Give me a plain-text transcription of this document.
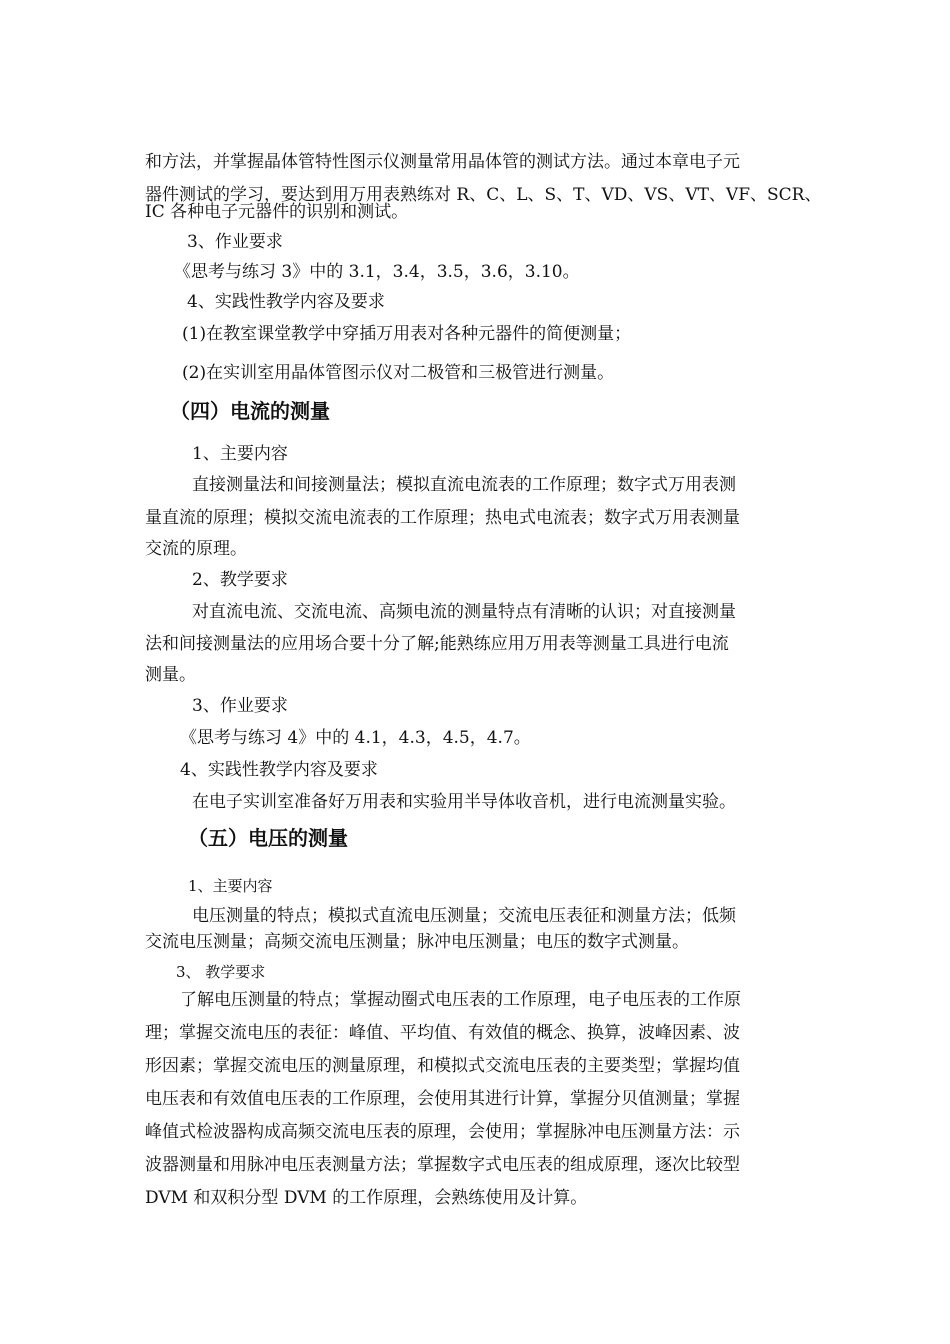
和方法，并掌握晶体管特性图示仪测量常用晶体管的测试方法。通过本章电子元
器件测试的学习，要达到用万用表熟练对 R、C、L、S、T、VD、VS、VT、VF、SCR、
IC 各种电子元器件的识别和测试。
3、作业要求
《思考与练习 3》中的 3.1，3.4，3.5，3.6，3.10。
4、实践性教学内容及要求
(1)在教室课堂教学中穿插万用表对各种元器件的简便测量；
(2)在实训室用晶体管图示仪对二极管和三极管进行测量。
（四）电流的测量
1、主要内容
直接测量法和间接测量法；模拟直流电流表的工作原理；数字式万用表测
量直流的原理；模拟交流电流表的工作原理；热电式电流表；数字式万用表测量
交流的原理。
2、教学要求
对直流电流、交流电流、高频电流的测量特点有清晰的认识；对直接测量
法和间接测量法的应用场合要十分了解;能熟练应用万用表等测量工具进行电流
测量。
3、作业要求
《思考与练习 4》中的 4.1，4.3，4.5，4.7。
4、实践性教学内容及要求
在电子实训室准备好万用表和实验用半导体收音机，进行电流测量实验。
（五）电压的测量
1、主要内容
电压测量的特点；模拟式直流电压测量；交流电压表征和测量方法；低频
交流电压测量；高频交流电压测量；脉冲电压测量；电压的数字式测量。
3、 教学要求
了解电压测量的特点；掌握动圈式电压表的工作原理，电子电压表的工作原
理；掌握交流电压的表征：峰值、平均值、有效值的概念、换算，波峰因素、波
形因素；掌握交流电压的测量原理，和模拟式交流电压表的主要类型；掌握均值
电压表和有效值电压表的工作原理，会使用其进行计算，掌握分贝值测量；掌握
峰值式检波器构成高频交流电压表的原理，会使用；掌握脉冲电压测量方法：示
波器测量和用脉冲电压表测量方法；掌握数字式电压表的组成原理，逐次比较型
DVM 和双积分型 DVM 的工作原理，会熟练使用及计算。
